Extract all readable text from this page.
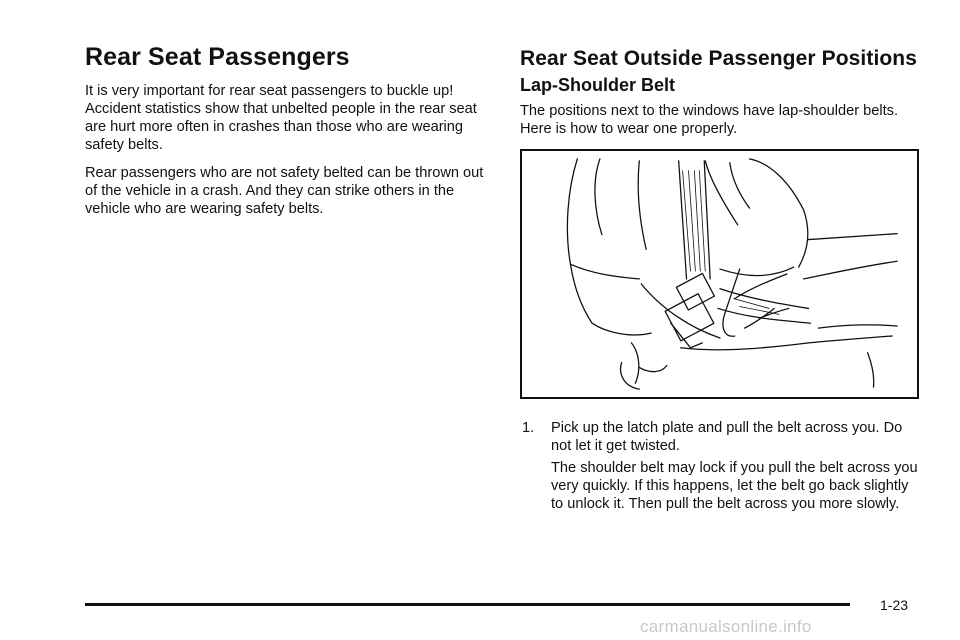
Rear Seat Passengers

It is very important for rear seat passengers to buckle up! Accident statistics show that unbelted people in the rear seat are hurt more often in crashes than those who are wearing safety belts.

Rear passengers who are not safety belted can be thrown out of the vehicle in a crash. And they can strike others in the vehicle who are wearing safety belts.

Rear Seat Outside Passenger Positions
Lap-Shoulder Belt

The positions next to the windows have lap-shoulder belts. Here is how to wear one properly.

1. Pick up the latch plate and pull the belt across you. Do not let it get twisted.
The shoulder belt may lock if you pull the belt across you very quickly. If this happens, let the belt go back slightly to unlock it. Then pull the belt across you more slowly.
1-23
carmanualsonline.info
